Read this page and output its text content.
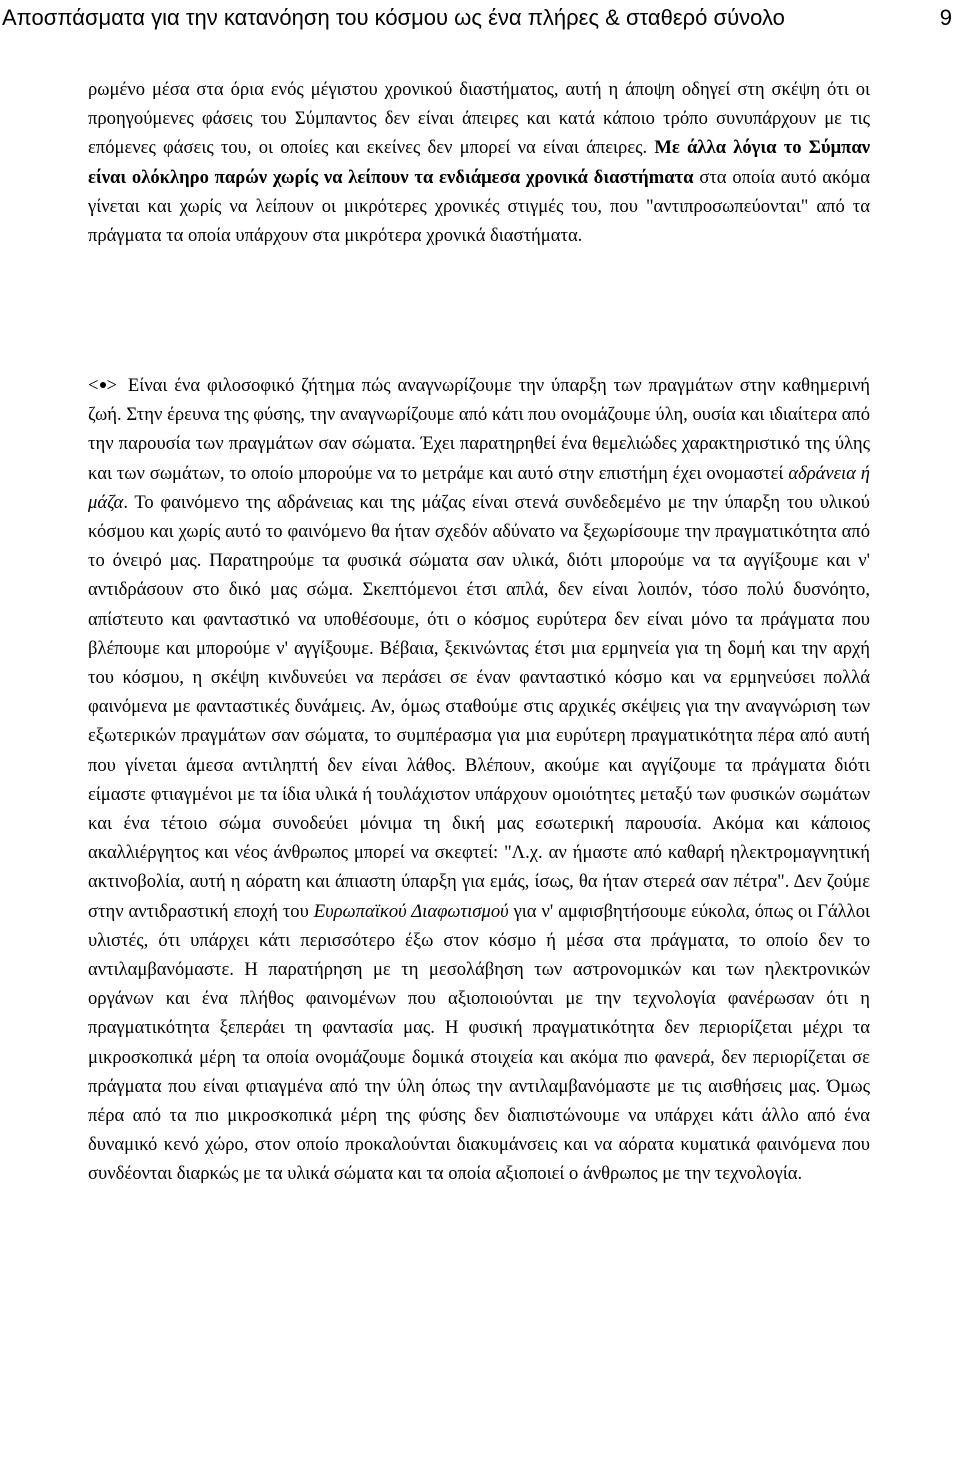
Αποσπάσματα για την κατανόηση του κόσμου ως ένα πλήρες & σταθερό σύνολο	9

ρωμένο μέσα στα όρια ενός μέγιστου χρονικού διαστήματος, αυτή η άποψη οδηγεί στη σκέψη ότι οι προηγούμενες φάσεις του Σύμπαντος δεν είναι άπειρες και κατά κάποιο τρόπο συνυπάρχουν με τις επόμενες φάσεις του, οι οποίες και εκείνες δεν μπορεί να είναι άπειρες. Με άλλα λόγια το Σύμπαν είναι ολόκληρο παρών χωρίς να λείπουν τα ενδιάμεσα χρονικά διαστήmατα στα οποία αυτό ακόμα γίνεται και χωρίς να λείπουν οι μικρότερες χρονικές στιγμές του, που "αντιπροσωπεύονται" από τα πράγματα τα οποία υπάρχουν στα μικρότερα χρονικά διαστήματα.

< > Είναι ένα φιλοσοφικό ζήτημα πώς αναγνωρίζουμε την ύπαρξη των πραγμάτων στην καθημερινή ζωή. Στην έρευνα της φύσης, την αναγνωρίζουμε από κάτι που ονομάζουμε ύλη, ουσία και ιδιαίτερα από την παρουσία των πραγμάτων σαν σώματα. Έχει παρατηρηθεί ένα θεμελιώδες χαρακτηριστικό της ύλης και των σωμάτων, το οποίο μπορούμε να το μετράμε και αυτό στην επιστήμη έχει ονομαστεί αδράνεια ή μάζα. Το φαινόμενο της αδράνειας και της μάζας είναι στενά συνδεδεμένο με την ύπαρξη του υλικού κόσμου και χωρίς αυτό το φαινόμενο θα ήταν σχεδόν αδύνατο να ξεχωρίσουμε την πραγματικότητα από το όνειρό μας. Παρατηρούμε τα φυσικά σώματα σαν υλικά, διότι μπορούμε να τα αγγίξουμε και ν' αντιδράσουν στο δικό μας σώμα. Σκεπτόμενοι έτσι απλά, δεν είναι λοιπόν, τόσο πολύ δυσνόητο, απίστευτο και φανταστικό να υποθέσουμε, ότι ο κόσμος ευρύτερα δεν είναι μόνο τα πράγματα που βλέπουμε και μπορούμε ν' αγγίξουμε. Βέβαια, ξεκινώντας έτσι μια ερμηνεία για τη δομή και την αρχή του κόσμου, η σκέψη κινδυνεύει να περάσει σε έναν φανταστικό κόσμο και να ερμηνεύσει πολλά φαινόμενα με φανταστικές δυνάμεις. Αν, όμως σταθούμε στις αρχικές σκέψεις για την αναγνώριση των εξωτερικών πραγμάτων σαν σώματα, το συμπέρασμα για μια ευρύτερη πραγματικότητα πέρα από αυτή που γίνεται άμεσα αντιληπτή δεν είναι λάθος. Βλέπουν, ακούμε και αγγίζουμε τα πράγματα διότι είμαστε φτιαγμένοι με τα ίδια υλικά ή τουλάχιστον υπάρχουν ομοιότητες μεταξύ των φυσικών σωμάτων και ένα τέτοιο σώμα συνοδεύει μόνιμα τη δική μας εσωτερική παρουσία. Ακόμα και κάποιος ακαλλιέργητος και νέος άνθρωπος μπορεί να σκεφτεί: "Λ.χ. αν ήμαστε από καθαρή ηλεκτρομαγνητική ακτινοβολία, αυτή η αόρατη και άπιαστη ύπαρξη για εμάς, ίσως, θα ήταν στερεά σαν πέτρα". Δεν ζούμε στην αντιδραστική εποχή του Ευρωπαϊκού Διαφωτισμού για ν' αμφισβητήσουμε εύκολα, όπως οι Γάλλοι υλιστές, ότι υπάρχει κάτι περισσότερο έξω στον κόσμο ή μέσα στα πράγματα, το οποίο δεν το αντιλαμβανόμαστε. Η παρατήρηση με τη μεσολάβηση των αστρονομικών και των ηλεκτρονικών οργάνων και ένα πλήθος φαινομένων που αξιοποιούνται με την τεχνολογία φανέρωσαν ότι η πραγματικότητα ξεπεράει τη φαντασία μας. Η φυσική πραγματικότητα δεν περιορίζεται μέχρι τα μικροσκοπικά μέρη τα οποία ονομάζουμε δομικά στοιχεία και ακόμα πιο φανερά, δεν περιορίζεται σε πράγματα που είναι φτιαγμένα από την ύλη όπως την αντιλαμβανόμαστε με τις αισθήσεις μας. Όμως πέρα από τα πιο μικροσκοπικά μέρη της φύσης δεν διαπιστώνουμε να υπάρχει κάτι άλλο από ένα δυναμικό κενό χώρο, στον οποίο προκαλούνται διακυμάνσεις και να αόρατα κυματικά φαινόμενα που συνδέονται διαρκώς με τα υλικά σώματα και τα οποία αξιοποιεί ο άνθρωπος με την τεχνολογία.
